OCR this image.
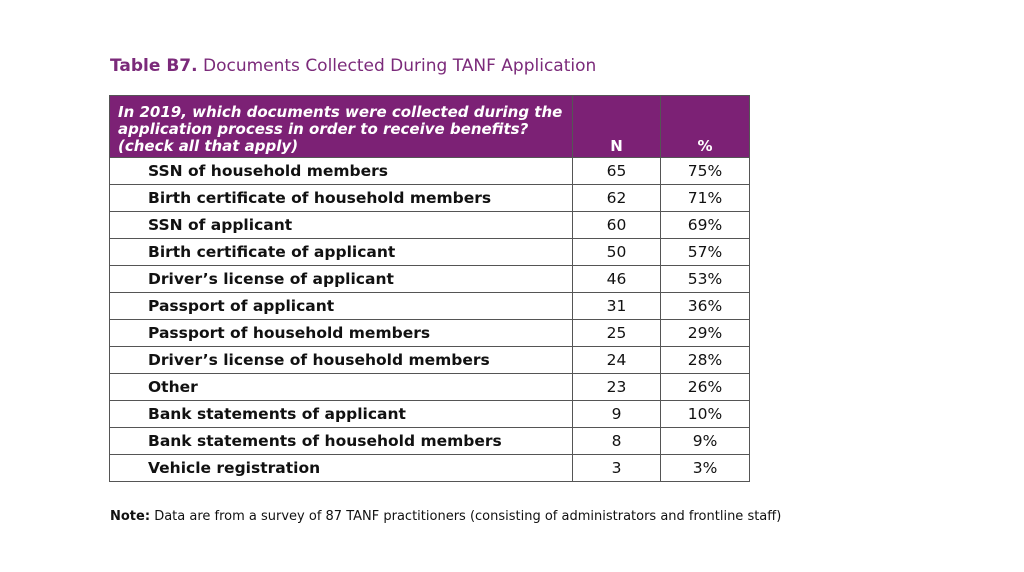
Table B7. Documents Collected During TANF Application
In 2019, which documents were collected during the application process in order to receive benefits? (check all that apply)	N	%
SSN of household members	65	75%
Birth certificate of household members	62	71%
SSN of applicant	60	69%
Birth certificate of applicant	50	57%
Driver’s license of applicant	46	53%
Passport of applicant	31	36%
Passport of household members	25	29%
Driver’s license of household members	24	28%
Other	23	26%
Bank statements of applicant	9	10%
Bank statements of household members	8	9%
Vehicle registration	3	3%
Note: Data are from a survey of 87 TANF practitioners (consisting of administrators and frontline staff)
